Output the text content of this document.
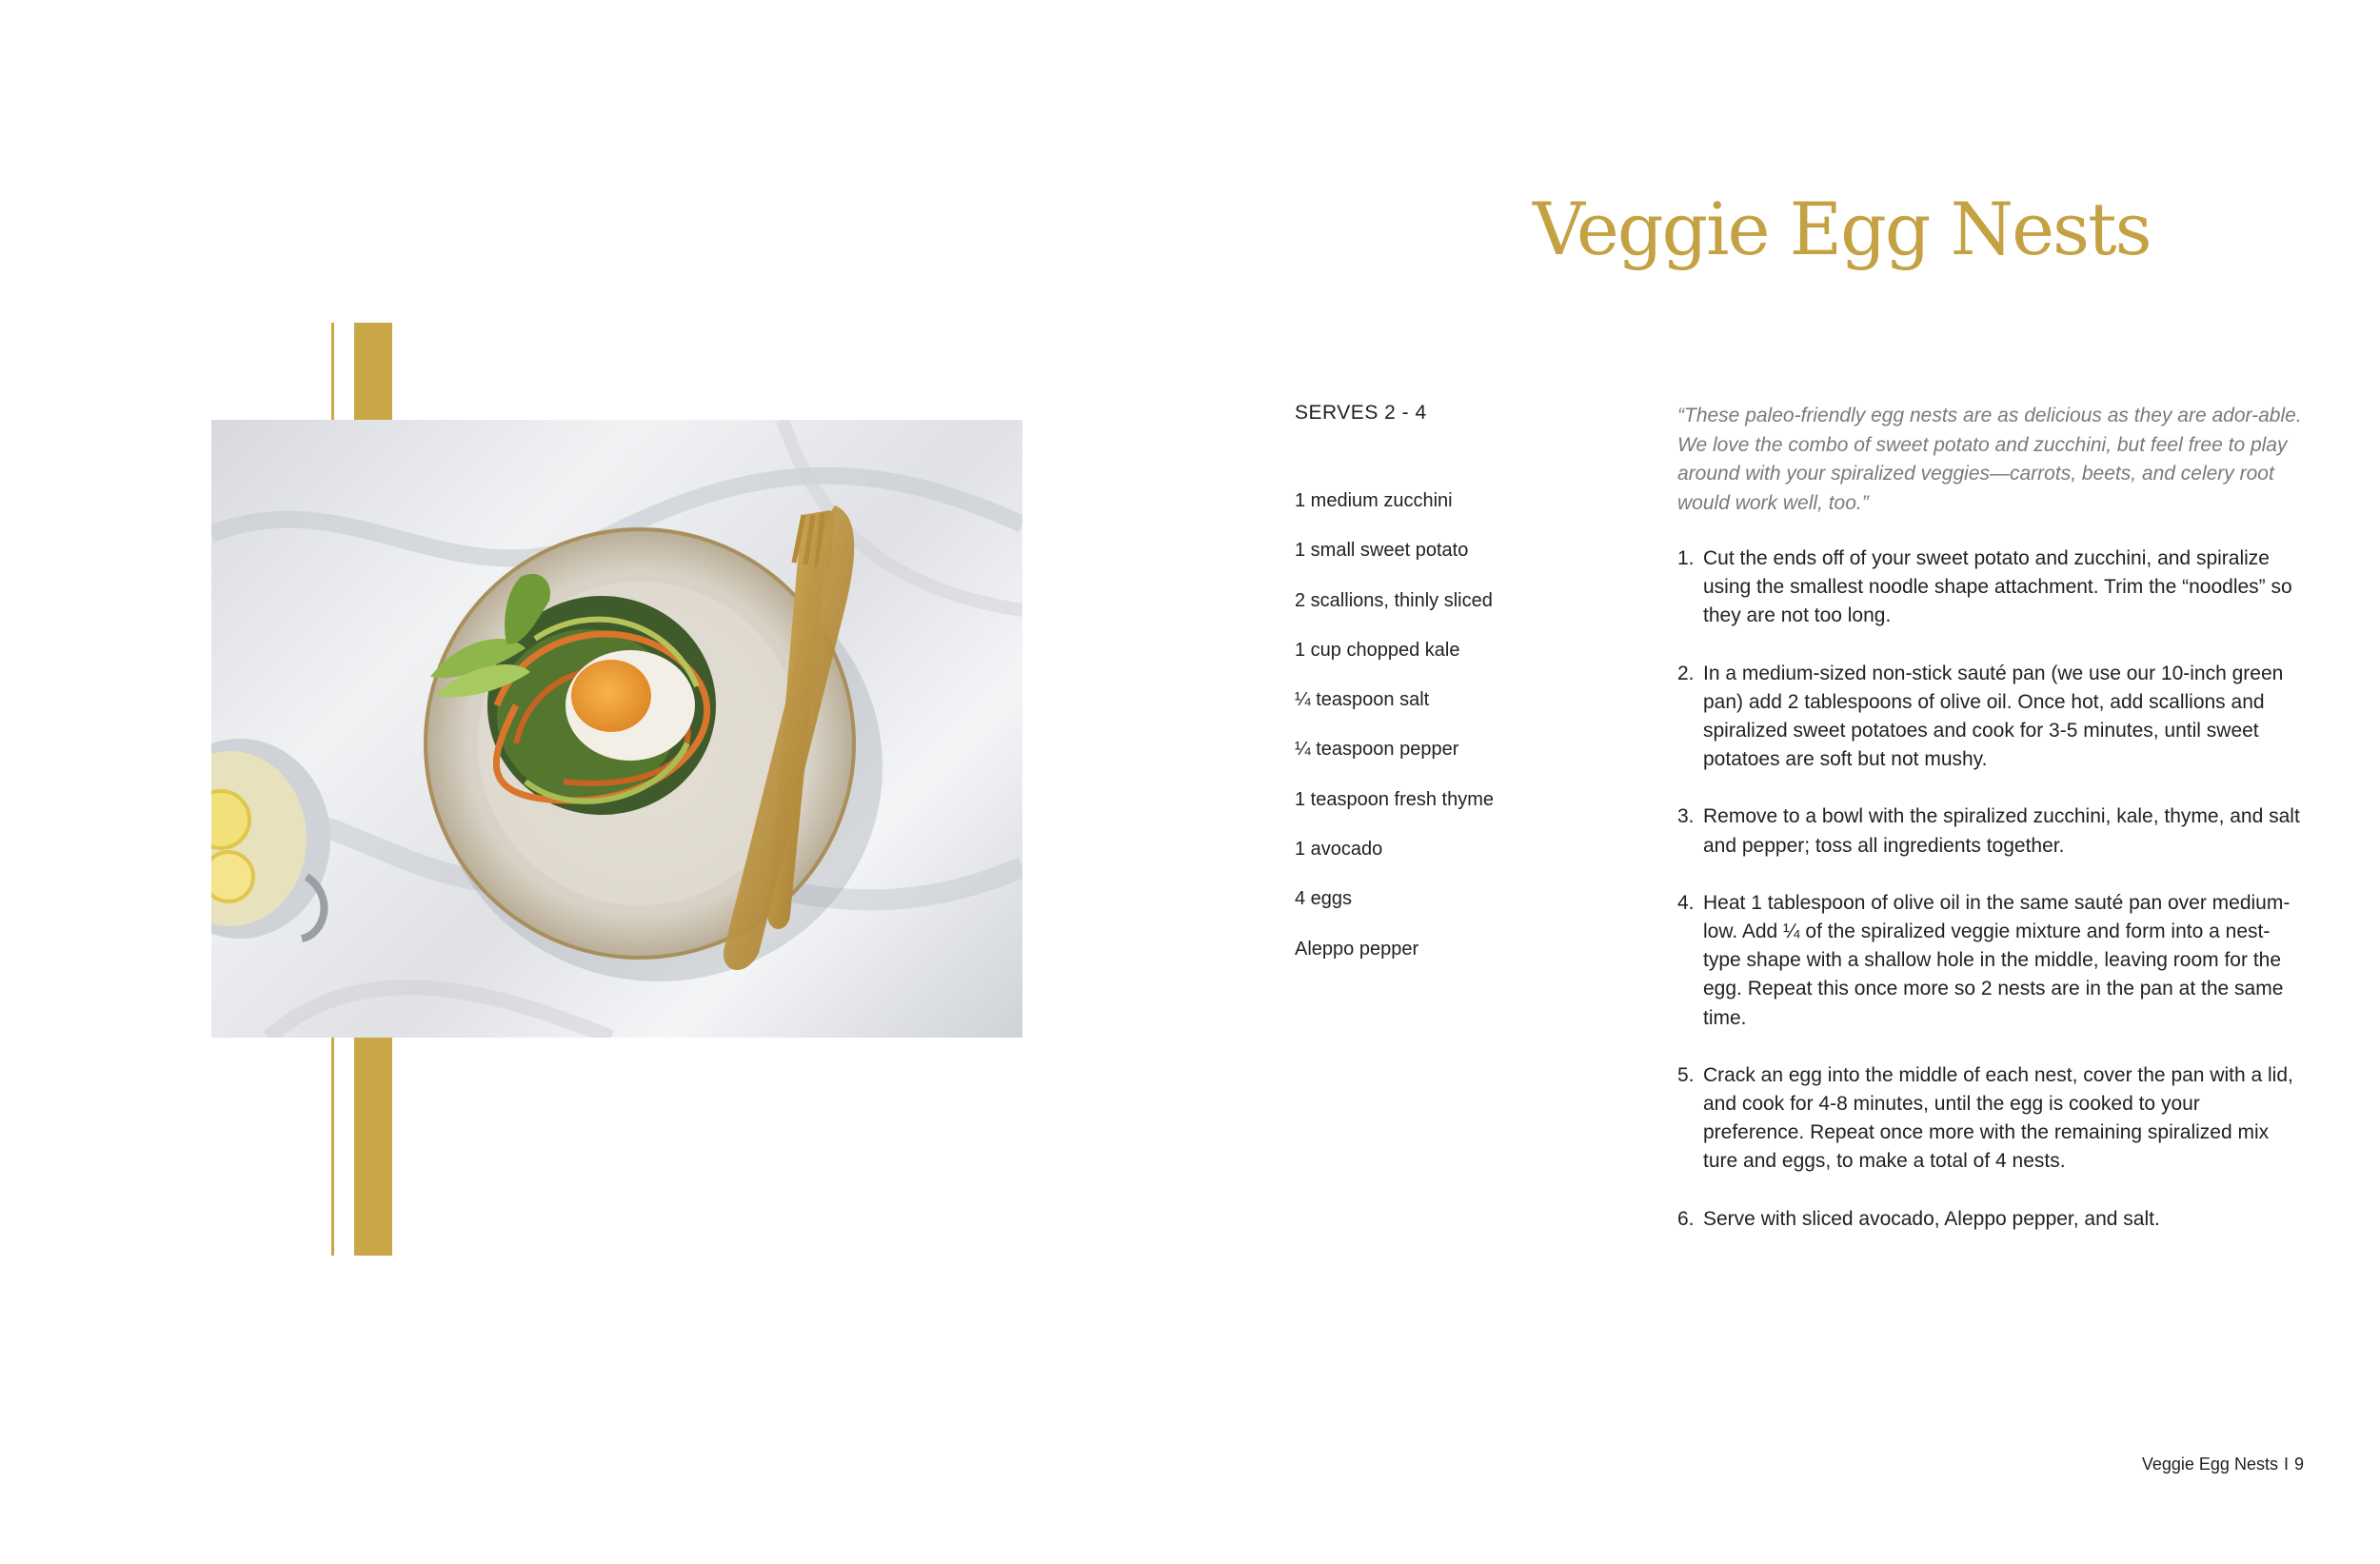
Veggie Egg Nests
SERVES 2 - 4
1 medium zucchini
1 small sweet potato
2 scallions, thinly sliced
1 cup chopped kale
¼ teaspoon salt
¼ teaspoon pepper
1 teaspoon fresh thyme
1 avocado
4 eggs
Aleppo pepper

“These paleo-friendly egg nests are as delicious as they are ador-able. We love the combo of sweet potato and zucchini, but feel free to play around with your spiralized veggies—carrots, beets, and celery root would work well, too.”

1. Cut the ends off of your sweet potato and zucchini, and spiralize using the smallest noodle shape attachment. Trim the “noodles” so they are not too long.
2. In a medium-sized non-stick sauté pan (we use our 10-inch green pan) add 2 tablespoons of olive oil. Once hot, add scallions and spiralized sweet potatoes and cook for 3-5 minutes, until sweet potatoes are soft but not mushy.
3. Remove to a bowl with the spiralized zucchini, kale, thyme, and salt and pepper; toss all ingredients together.
4. Heat 1 tablespoon of olive oil in the same sauté pan over medium-low. Add ¼ of the spiralized veggie mixture and form into a nest-type shape with a shallow hole in the middle, leaving room for the egg. Repeat this once more so 2 nests are in the pan at the same time.
5. Crack an egg into the middle of each nest, cover the pan with a lid, and cook for 4-8 minutes, until the egg is cooked to your preference. Repeat once more with the remaining spiralized mix ture and eggs, to make a total of 4 nests.
6. Serve with sliced avocado, Aleppo pepper, and salt.
Veggie Egg Nests I 9
